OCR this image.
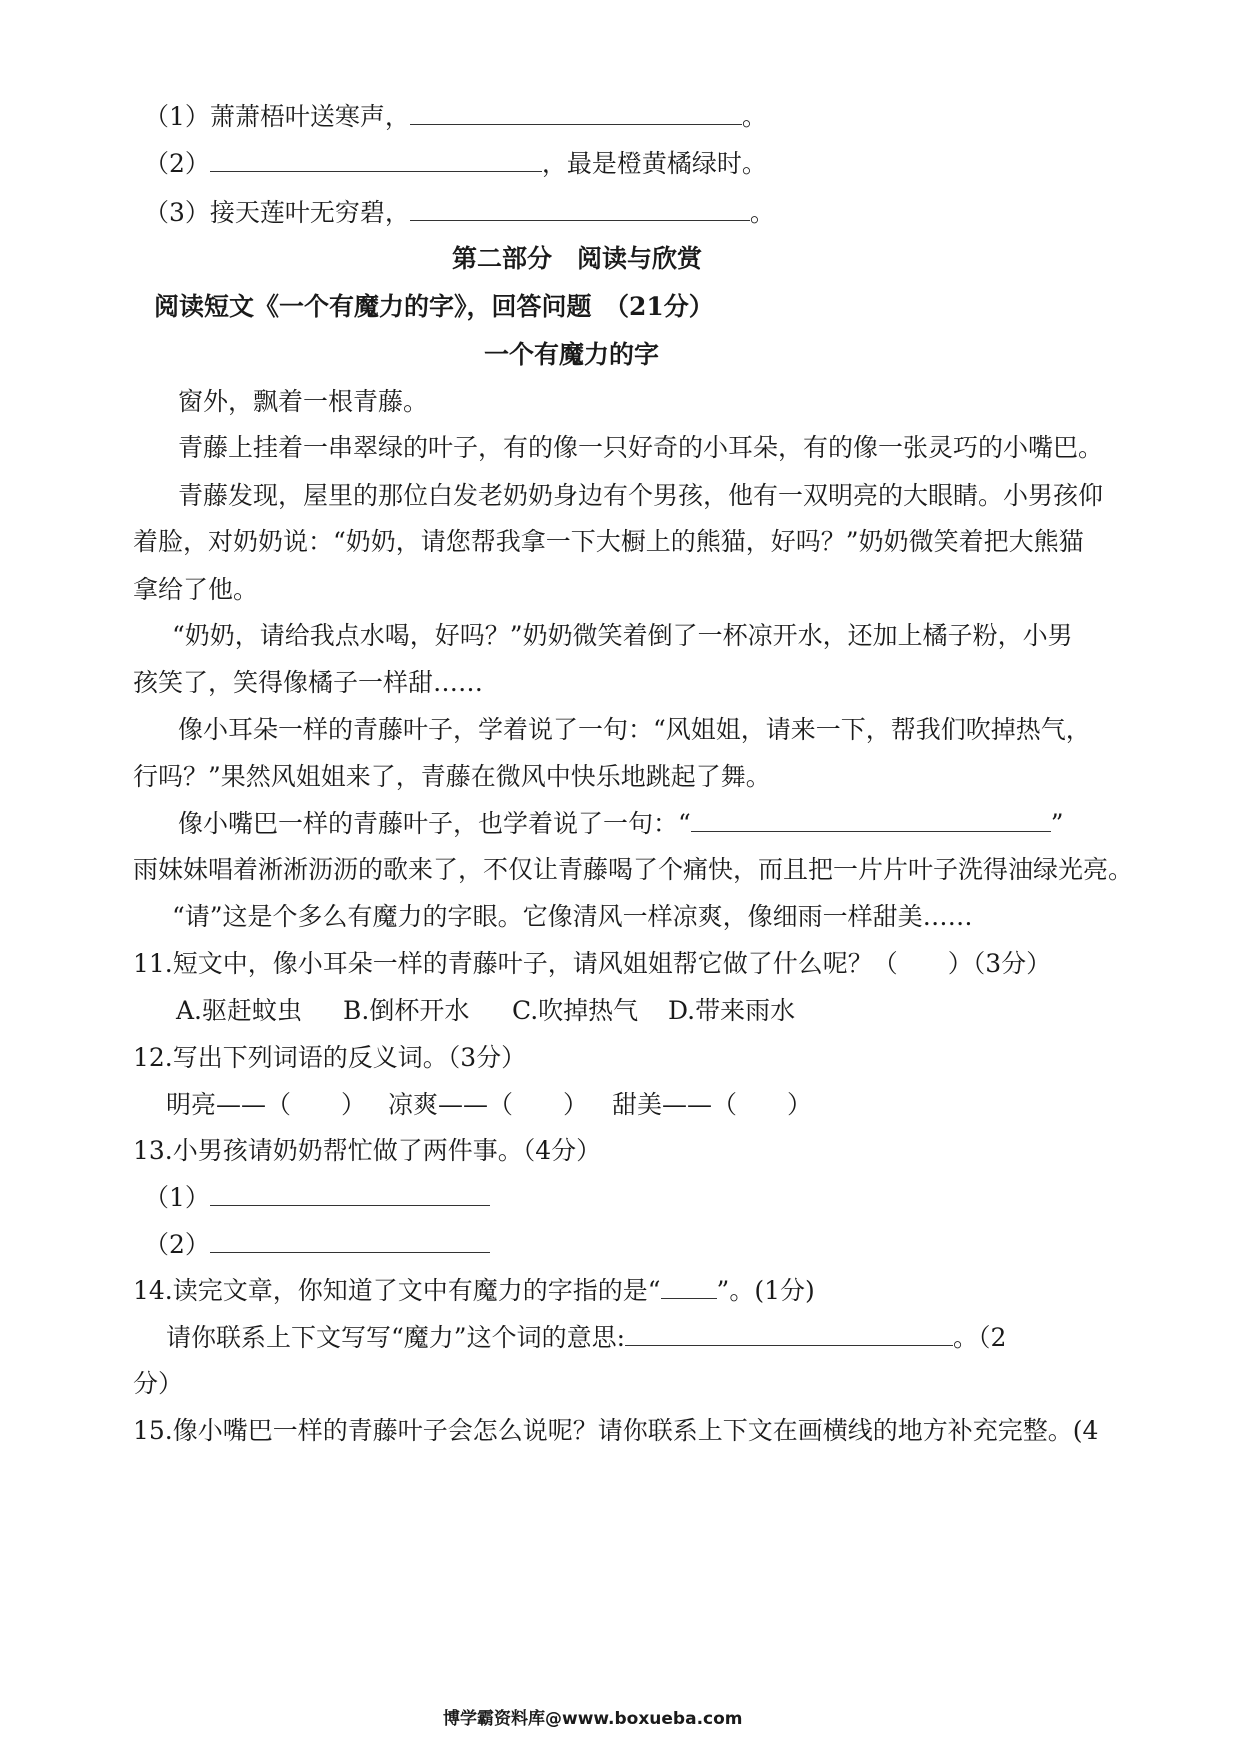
（1）萧萧梧叶送寒声，	。
（2）	，最是橙黄橘绿时。
（3）接天莲叶无穷碧，	。
第二部分　阅读与欣赏
阅读短文《一个有魔力的字》，回答问题　（21分）
一个有魔力的字
窗外，飘着一根青藤。
青藤上挂着一串翠绿的叶子，有的像一只好奇的小耳朵，有的像一张灵巧的小嘴巴。
青藤发现，屋里的那位白发老奶奶身边有个男孩，他有一双明亮的大眼睛。小男孩仰
着脸，对奶奶说：“奶奶，请您帮我拿一下大橱上的熊猫，好吗？”奶奶微笑着把大熊猫
拿给了他。
“奶奶，请给我点水喝，好吗？”奶奶微笑着倒了一杯凉开水，还加上橘子粉，小男
孩笑了，笑得像橘子一样甜……
像小耳朵一样的青藤叶子，学着说了一句：“风姐姐，请来一下，帮我们吹掉热气，
行吗？”果然风姐姐来了，青藤在微风中快乐地跳起了舞。
像小嘴巴一样的青藤叶子，也学着说了一句：“	”
雨妹妹唱着淅淅沥沥的歌来了，不仅让青藤喝了个痛快，而且把一片片叶子洗得油绿光亮。
“请”这是个多么有魔力的字眼。它像清风一样凉爽，像细雨一样甜美……
11.短文中，像小耳朵一样的青藤叶子，请风姐姐帮它做了什么呢？（　　）（3分）
A.驱赶蚊虫 B.倒杯开水 C.吹掉热气 D.带来雨水
12.写出下列词语的反义词。（3分）
明亮——（　　） 凉爽——（　　） 甜美——（　　）
13.小男孩请奶奶帮忙做了两件事。（4分）
（1）
（2）
14.读完文章，你知道了文中有魔力的字指的是“ ”。(1分)
请你联系上下文写写“魔力”这个词的意思:	。（2
分）
15.像小嘴巴一样的青藤叶子会怎么说呢？请你联系上下文在画横线的地方补充完整。(4
博学霸资料库@www.boxueba.com
